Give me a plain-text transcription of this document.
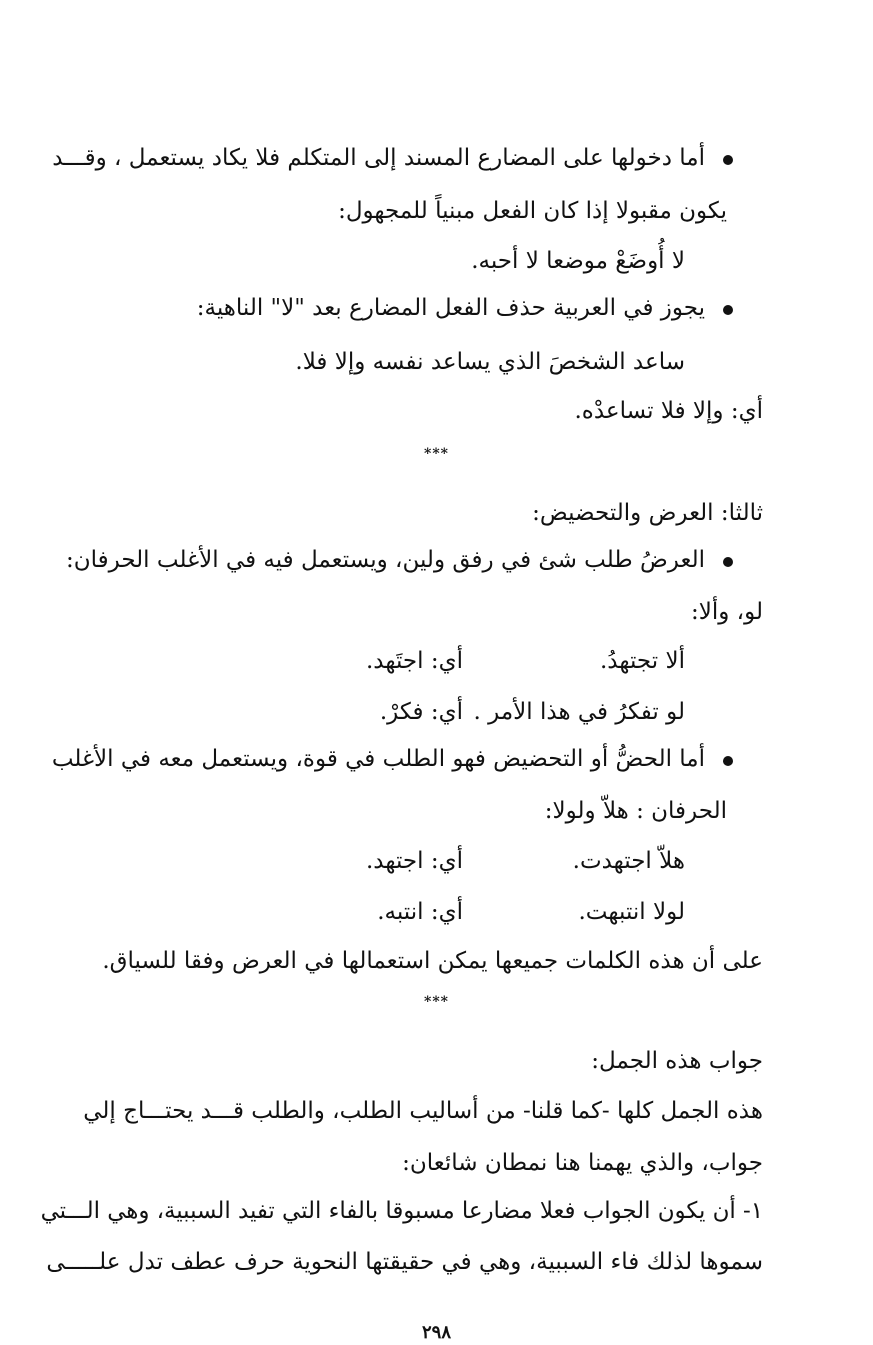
أما دخولها على المضارع المسند إلى المتكلم فلا يكاد يستعمل ، وقـــد
يكون مقبولا إذا كان الفعل مبنياً للمجهول:
لا أُوضَعْ موضعا لا أحبه.
يجوز في العربية حذف الفعل المضارع بعد "لا" الناهية:
ساعد الشخصَ الذي يساعد نفسه وإلا فلا.
أي: وإلا فلا تساعدْه.
***
ثالثا: العرض والتحضيض:
العرضُ طلب شئ في رفق ولين، ويستعمل فيه في الأغلب الحرفان:
لو، وألا:
ألا تجتهدُ.
أي: اجتَهد.
لو تفكرُ في هذا الأمر .
أي: فكرْ.
أما الحضُّ أو التحضيض فهو الطلب في قوة، ويستعمل معه في الأغلب
الحرفان : هلاّ ولولا:
هلاّ اجتهدت.
أي: اجتهد.
لولا انتبهت.
أي: انتبه.
على أن هذه الكلمات جميعها يمكن استعمالها في العرض وفقا للسياق.
***
جواب هذه الجمل:
هذه الجمل كلها -كما قلنا- من أساليب الطلب، والطلب قـــد يحتـــاج إلي
جواب، والذي يهمنا هنا نمطان شائعان:
١- أن يكون الجواب فعلا مضارعا مسبوقا بالفاء التي تفيد السببية، وهي الـــتي
سموها لذلك فاء السببية، وهي في حقيقتها النحوية حرف عطف تدل علـــــى
٢٩٨
